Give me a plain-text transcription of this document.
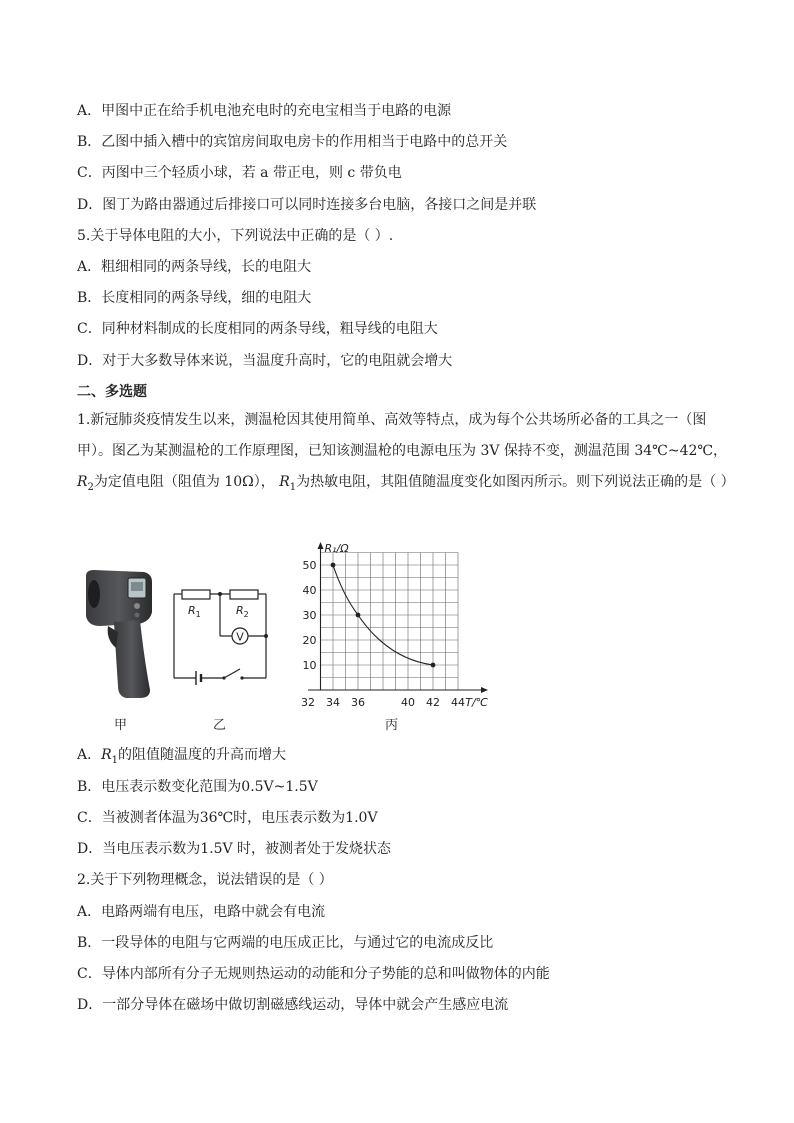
A．甲图中正在给手机电池充电时的充电宝相当于电路的电源
B．乙图中插入槽中的宾馆房间取电房卡的作用相当于电路中的总开关
C．丙图中三个轻质小球，若 a 带正电，则 c 带负电
D．图丁为路由器通过后排接口可以同时连接多台电脑，各接口之间是并联
5.关于导体电阻的大小，下列说法中正确的是（ ）.
A．粗细相同的两条导线，长的电阻大
B．长度相同的两条导线，细的电阻大
C．同种材料制成的长度相同的两条导线，粗导线的电阻大
D．对于大多数导体来说，当温度升高时，它的电阻就会增大
二、多选题
1.新冠肺炎疫情发生以来，测温枪因其使用简单、高效等特点，成为每个公共场所必备的工具之一（图甲）。图乙为某测温枪的工作原理图，已知该测温枪的电源电压为 3V 保持不变，测温范围 34℃~42℃，$R_2$为定值电阻（阻值为 10Ω）， $R_1$为热敏电阻，其阻值随温度变化如图丙所示。则下列说法正确的是（ ）
V
$R_1$	$R_2$
32 34 36	40 42 44
50
40
30
20
10
R₁/Ω
T/℃
甲	乙	丙
A．$R_1$的阻值随温度的升高而增大
B．电压表示数变化范围为0.5V~1.5V
C．当被测者体温为36℃时，电压表示数为1.0V
D．当电压表示数为1.5V 时，被测者处于发烧状态
2.关于下列物理概念，说法错误的是（ ）
A．电路两端有电压，电路中就会有电流
B．一段导体的电阻与它两端的电压成正比，与通过它的电流成反比
C．导体内部所有分子无规则热运动的动能和分子势能的总和叫做物体的内能
D．一部分导体在磁场中做切割磁感线运动，导体中就会产生感应电流
